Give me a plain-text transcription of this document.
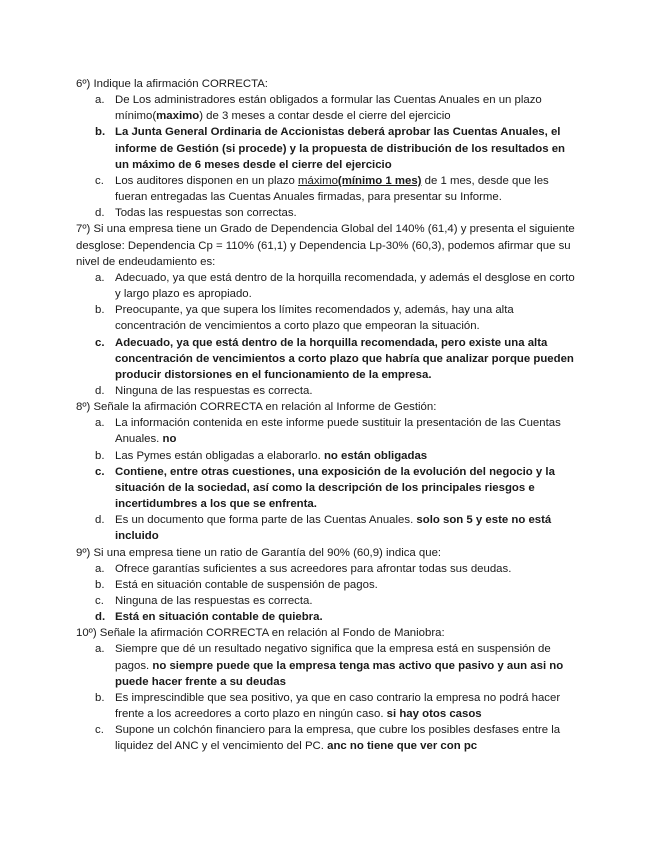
6º) Indique la afirmación CORRECTA:

a. De Los administradores están obligados a formular las Cuentas Anuales en un plazo mínimo(maximo) de 3 meses a contar desde el cierre del ejercicio
b. La Junta General Ordinaria de Accionistas deberá aprobar las Cuentas Anuales, el informe de Gestión (si procede) y la propuesta de distribución de los resultados en un máximo de 6 meses desde el cierre del ejercicio
c. Los auditores disponen en un plazo máximo(mínimo 1 mes) de 1 mes, desde que les fueran entregadas las Cuentas Anuales firmadas, para presentar su Informe.
d. Todas las respuestas son correctas.

7º) Si una empresa tiene un Grado de Dependencia Global del 140% (61,4) y presenta el siguiente desglose: Dependencia Cp = 110% (61,1) y Dependencia Lp-30% (60,3), podemos afirmar que su nivel de endeudamiento es:

a. Adecuado, ya que está dentro de la horquilla recomendada, y además el desglose en corto y largo plazo es apropiado.
b. Preocupante, ya que supera los límites recomendados y, además, hay una alta concentración de vencimientos a corto plazo que empeoran la situación.
c. Adecuado, ya que está dentro de la horquilla recomendada, pero existe una alta concentración de vencimientos a corto plazo que habría que analizar porque pueden producir distorsiones en el funcionamiento de la empresa.
d. Ninguna de las respuestas es correcta.

8º) Señale la afirmación CORRECTA en relación al Informe de Gestión:

a. La información contenida en este informe puede sustituir la presentación de las Cuentas Anuales. no
b. Las Pymes están obligadas a elaborarlo. no están obligadas
c. Contiene, entre otras cuestiones, una exposición de la evolución del negocio y la situación de la sociedad, así como la descripción de los principales riesgos e incertidumbres a los que se enfrenta.
d. Es un documento que forma parte de las Cuentas Anuales. solo son 5 y este no está incluido

9º) Si una empresa tiene un ratio de Garantía del 90% (60,9) indica que:

a. Ofrece garantías suficientes a sus acreedores para afrontar todas sus deudas.
b. Está en situación contable de suspensión de pagos.
c. Ninguna de las respuestas es correcta.
d. Está en situación contable de quiebra.

10º) Señale la afirmación CORRECTA en relación al Fondo de Maniobra:

a. Siempre que dé un resultado negativo significa que la empresa está en suspensión de pagos. no siempre puede que la empresa tenga mas activo que pasivo y aun asi no puede hacer frente a su deudas
b. Es imprescindible que sea positivo, ya que en caso contrario la empresa no podrá hacer frente a los acreedores a corto plazo en ningún caso. si hay otos casos
c. Supone un colchón financiero para la empresa, que cubre los posibles desfases entre la liquidez del ANC y el vencimiento del PC. anc no tiene que ver con pc
